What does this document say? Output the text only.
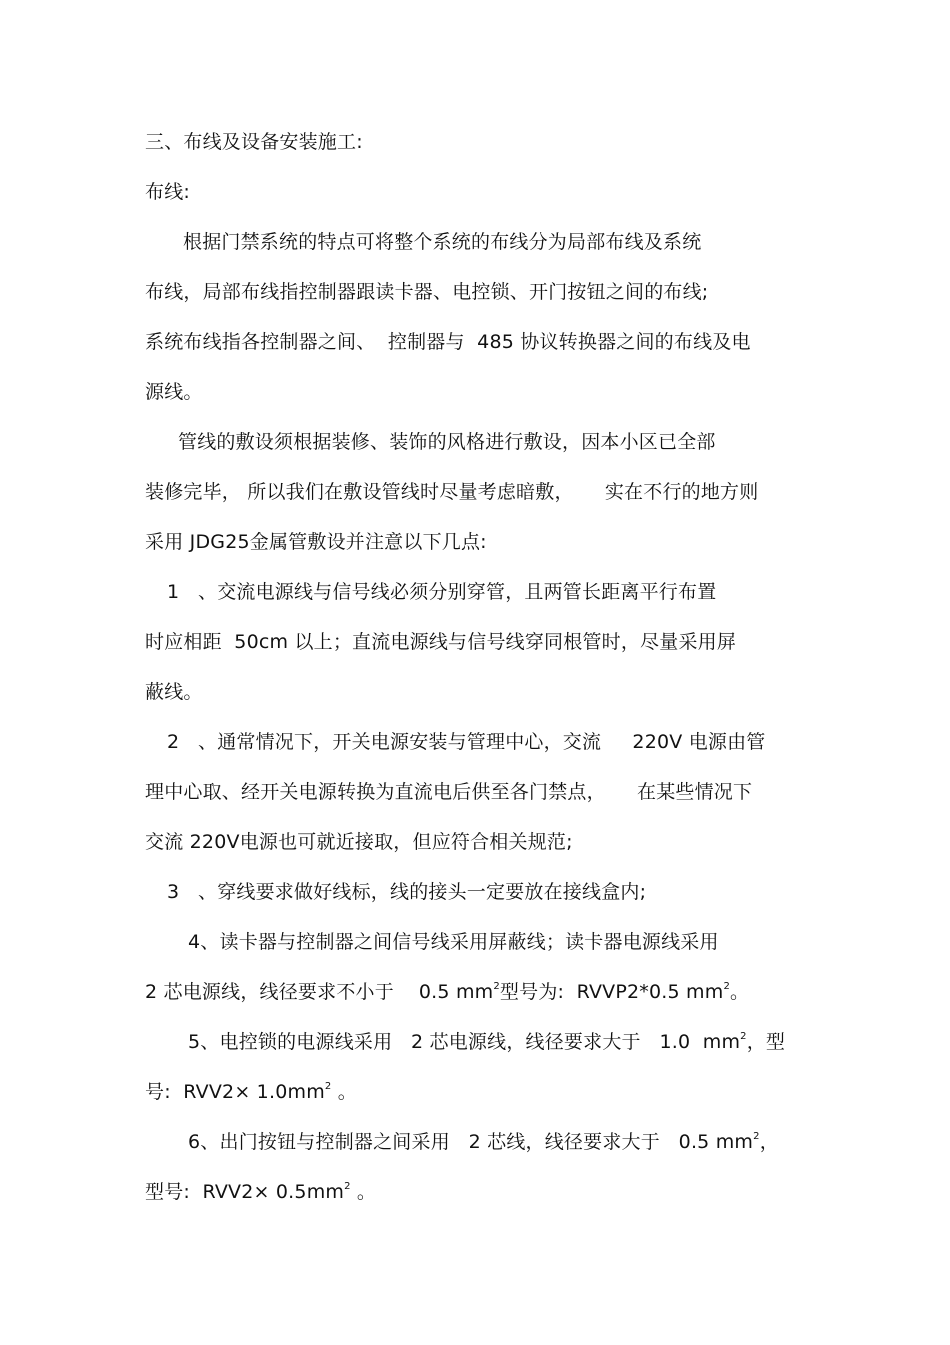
三、布线及设备安装施工:
布线:
根据门禁系统的特点可将整个系统的布线分为局部布线及系统
布线，局部布线指控制器跟读卡器、电控锁、开门按钮之间的布线;
系统布线指各控制器之间、  控制器与  485 协议转换器之间的布线及电
源线。
管线的敷设须根据装修、装饰的风格进行敷设，因本小区已全部
装修完毕， 所以我们在敷设管线时尽量考虑暗敷，     实在不行的地方则
采用 JDG25金属管敷设并注意以下几点:
1   、交流电源线与信号线必须分别穿管，且两管长距离平行布置
时应相距  50cm 以上；直流电源线与信号线穿同根管时，尽量采用屏
蔽线。
2   、通常情况下，开关电源安装与管理中心，交流     220V 电源由管
理中心取、经开关电源转换为直流电后供至各门禁点，     在某些情况下
交流 220V电源也可就近接取，但应符合相关规范;
3   、穿线要求做好线标，线的接头一定要放在接线盒内;
4、读卡器与控制器之间信号线采用屏蔽线；读卡器电源线采用
2 芯电源线，线径要求不小于    0.5 $mm^2$型号为:  RVVP2*0.5 $mm^2$。
5、电控锁的电源线采用   2 芯电源线，线径要求大于   1.0  $mm^2$，型
号:  $RVV2\times 1.0mm^2$ 。
6、出门按钮与控制器之间采用   2 芯线，线径要求大于   0.5 $mm^2$，
型号:  $RVV2\times 0.5mm^2$ 。
